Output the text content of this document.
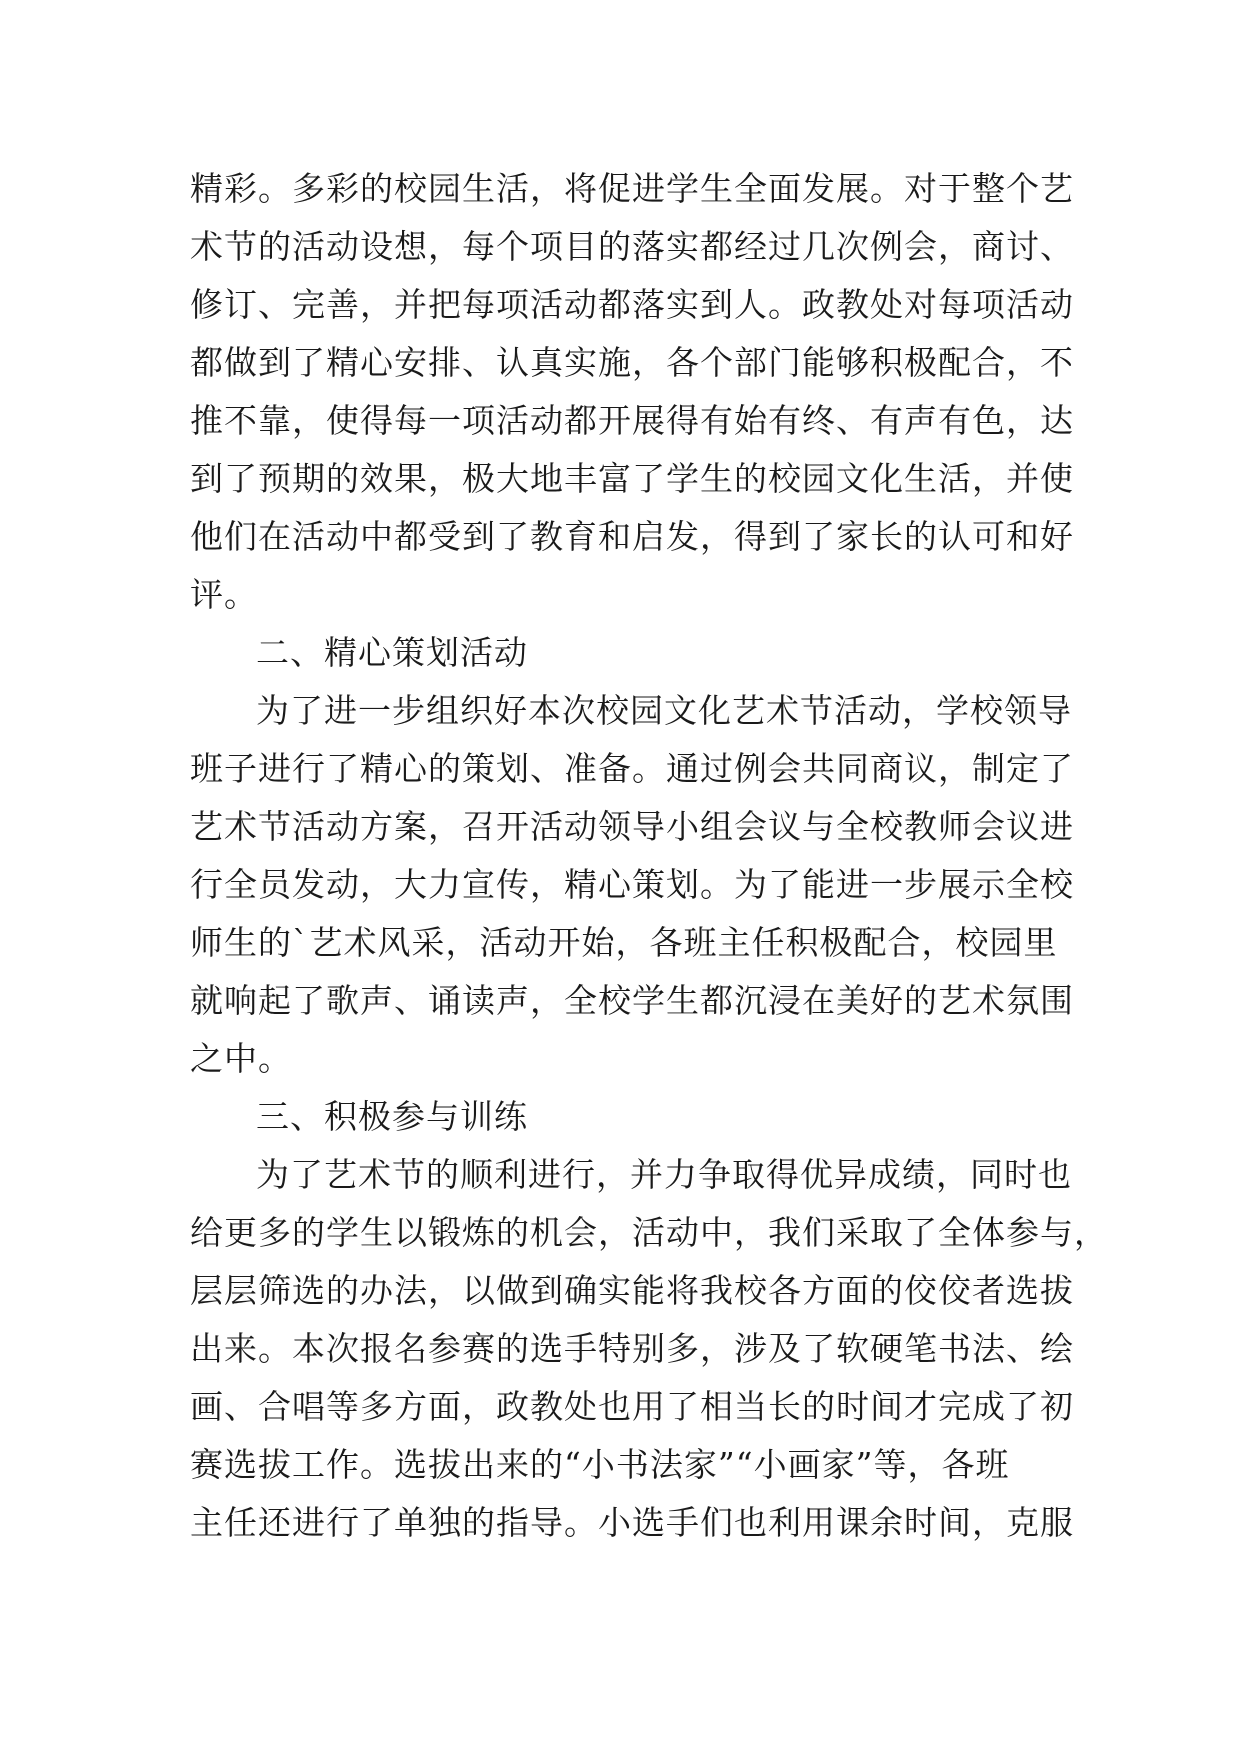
精彩。多彩的校园生活，将促进学生全面发展。对于整个艺
术节的活动设想，每个项目的落实都经过几次例会，商讨、
修订、完善，并把每项活动都落实到人。政教处对每项活动
都做到了精心安排、认真实施，各个部门能够积极配合，不
推不靠，使得每一项活动都开展得有始有终、有声有色，达
到了预期的效果，极大地丰富了学生的校园文化生活，并使
他们在活动中都受到了教育和启发，得到了家长的认可和好
评。
二、精心策划活动
为了进一步组织好本次校园文化艺术节活动，学校领导
班子进行了精心的策划、准备。通过例会共同商议，制定了
艺术节活动方案，召开活动领导小组会议与全校教师会议进
行全员发动，大力宣传，精心策划。为了能进一步展示全校
师生的`艺术风采，活动开始，各班主任积极配合，校园里
就响起了歌声、诵读声，全校学生都沉浸在美好的艺术氛围
之中。
三、积极参与训练
为了艺术节的顺利进行，并力争取得优异成绩，同时也
给更多的学生以锻炼的机会，活动中，我们采取了全体参与，
层层筛选的办法，以做到确实能将我校各方面的佼佼者选拔
出来。本次报名参赛的选手特别多，涉及了软硬笔书法、绘
画、合唱等多方面，政教处也用了相当长的时间才完成了初
赛选拔工作。选拔出来的“小书法家”“小画家”等，各班
主任还进行了单独的指导。小选手们也利用课余时间，克服
